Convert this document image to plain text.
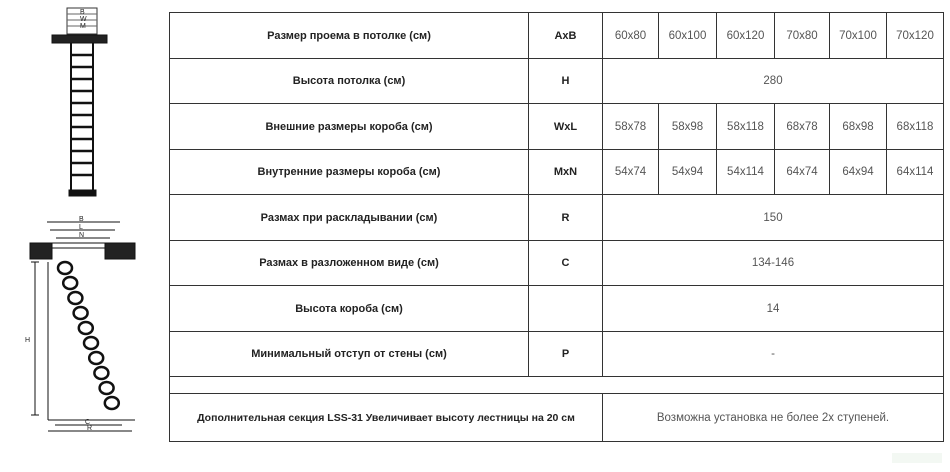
B
W
M
B
L
N
H
C
R
Размер проема в потолке (см)	AxB	60x80	60x100	60x120	70x80	70x100	70x120
Высота потолка (см)	H	280					
Внешние размеры короба (см)	WxL	58x78	58x98	58x118	68x78	68x98	68x118
Внутренние размеры короба (см)	MxN	54x74	54x94	54x114	64x74	64x94	64x114
Размах при раскладывании (см)	R	150					
Размах в разложенном виде (см)	C	134-146					
Высота короба (см)		14					
Минимальный отступ от стены (см)	P	-					

Дополнительная секция LSS-31 Увеличивает высоту лестницы на 20 см		Возможна установка не более 2х ступеней.					
